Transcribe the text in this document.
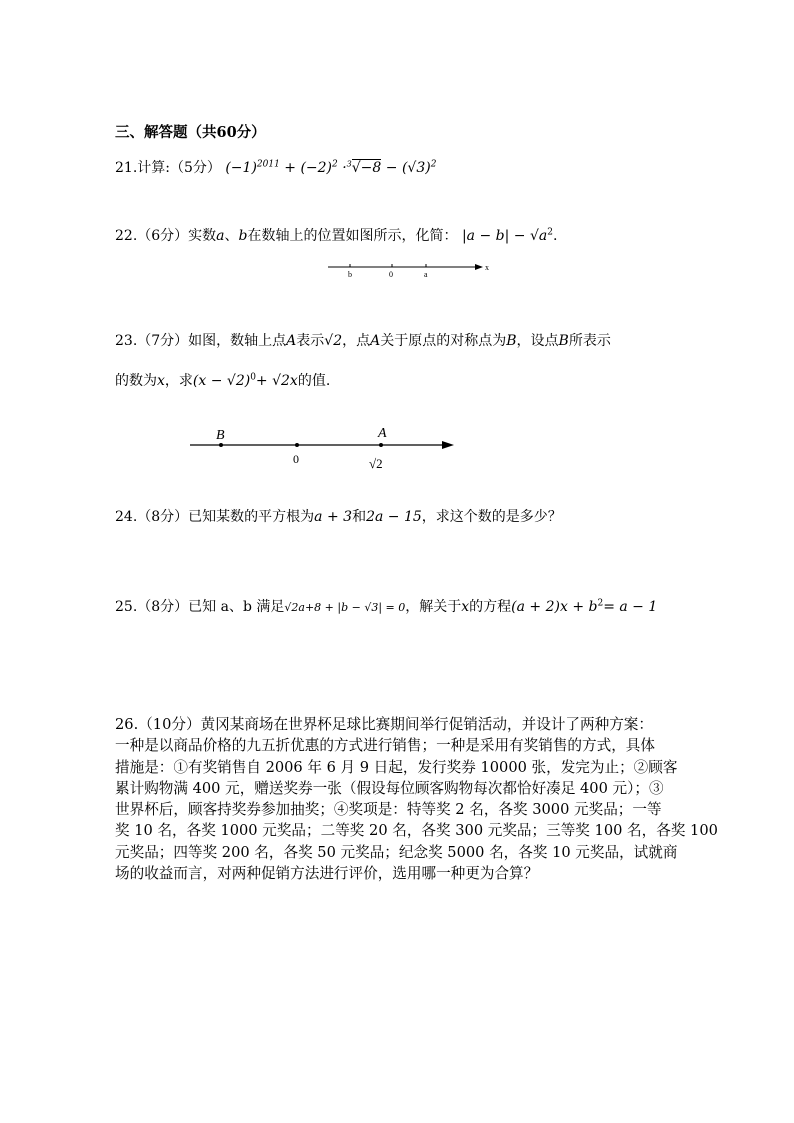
三、解答题（共60分）
21.计算:（5分） $(-1)^{2011} + (-2)^2 \cdot^3√-8 - (√3)^2$
22.（6分）实数a、b在数轴上的位置如图所示，化简： $|a - b| - √a^2$.
b	0	a
x
23.（7分）如图，数轴上点A表示√2，点A关于原点的对称点为B，设点B所表示
的数为x，求$(x - √2)^0+ √2x$的值.
B	A
0	√2
24.（8分）已知某数的平方根为a + 3和2a − 15，求这个数的是多少？
25.（8分）已知 a、b 满足√2a+8 + |b − √3| = 0，解关于x的方程$(a + 2)x + b^2= a - 1$
26.（10分）黄冈某商场在世界杯足球比赛期间举行促销活动，并设计了两种方案：
一种是以商品价格的九五折优惠的方式进行销售；一种是采用有奖销售的方式，具体
措施是：①有奖销售自 2006 年 6 月 9 日起，发行奖券 10000 张，发完为止；②顾客
累计购物满 400 元，赠送奖券一张（假设每位顾客购物每次都恰好凑足 400 元）；③
世界杯后，顾客持奖券参加抽奖；④奖项是：特等奖 2 名，各奖 3000 元奖品；一等
奖 10 名，各奖 1000 元奖品；二等奖 20 名，各奖 300 元奖品；三等奖 100 名，各奖 100
元奖品；四等奖 200 名，各奖 50 元奖品；纪念奖 5000 名，各奖 10 元奖品，试就商
场的收益而言，对两种促销方法进行评价，选用哪一种更为合算？
